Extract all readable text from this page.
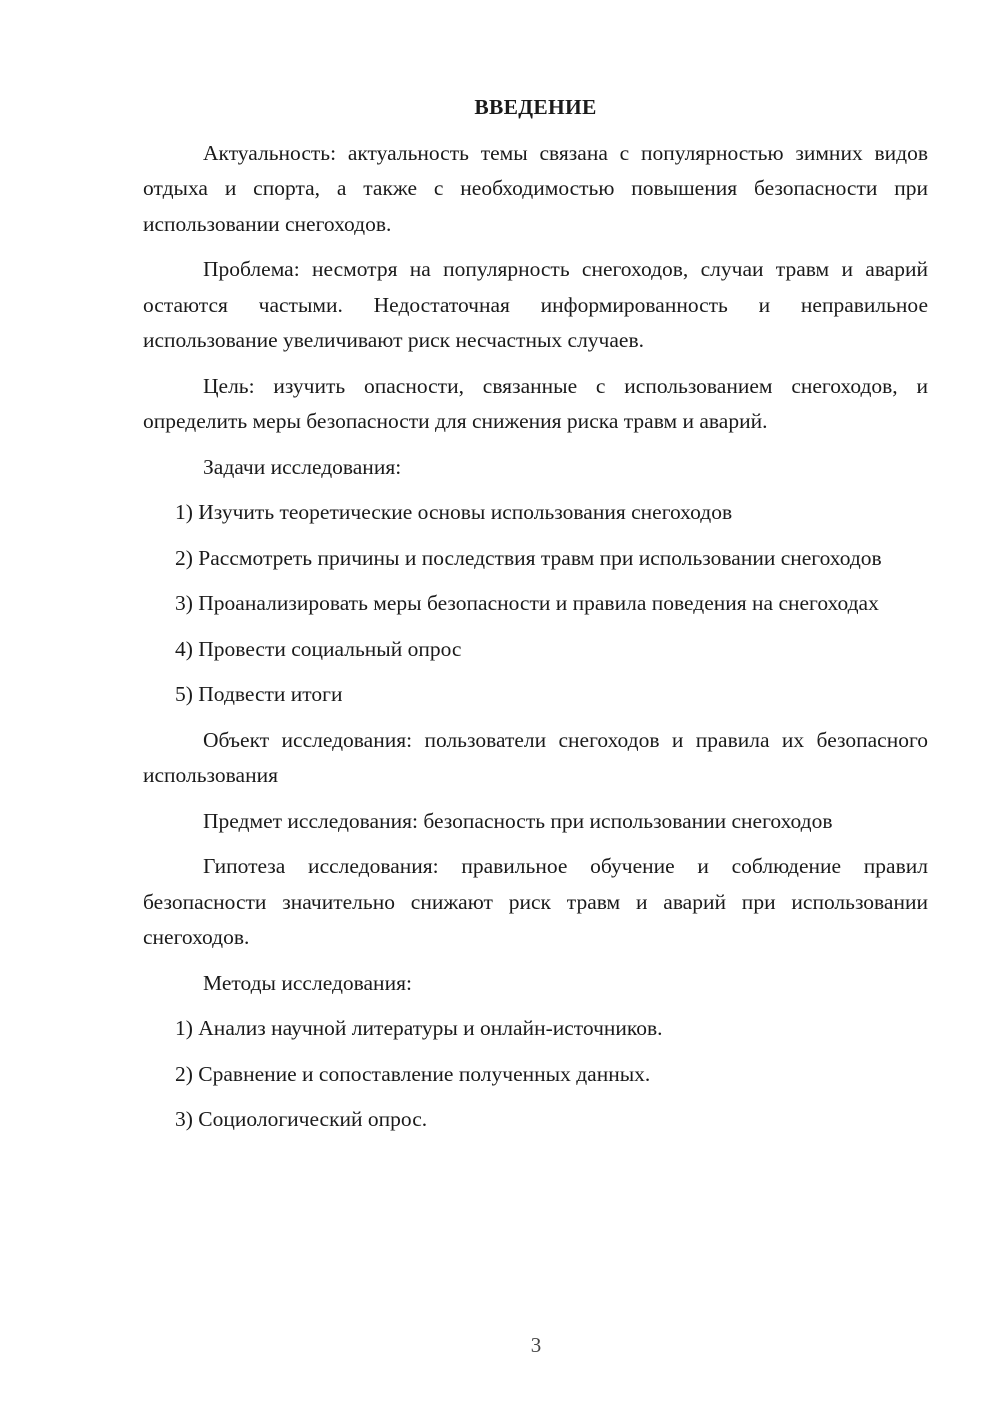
ВВЕДЕНИЕ

Актуальность: актуальность темы связана с популярностью зимних видов отдыха и спорта, а также с необходимостью повышения безопасности при использовании снегоходов.

Проблема: несмотря на популярность снегоходов, случаи травм и аварий остаются частыми. Недостаточная информированность и неправильное использование увеличивают риск несчастных случаев.

Цель: изучить опасности, связанные с использованием снегоходов, и определить меры безопасности для снижения риска травм и аварий.

Задачи исследования:

1) Изучить теоретические основы использования снегоходов

2) Рассмотреть причины и последствия травм при использовании снегоходов

3) Проанализировать меры безопасности и правила поведения на снегоходах

4) Провести социальный опрос

5) Подвести итоги

Объект исследования: пользователи снегоходов и правила их безопасного использования

Предмет исследования: безопасность при использовании снегоходов

Гипотеза исследования: правильное обучение и соблюдение правил безопасности значительно снижают риск травм и аварий при использовании снегоходов.

Методы исследования:

1) Анализ научной литературы и онлайн-источников.

2) Сравнение и сопоставление полученных данных.

3) Социологический опрос.

3
